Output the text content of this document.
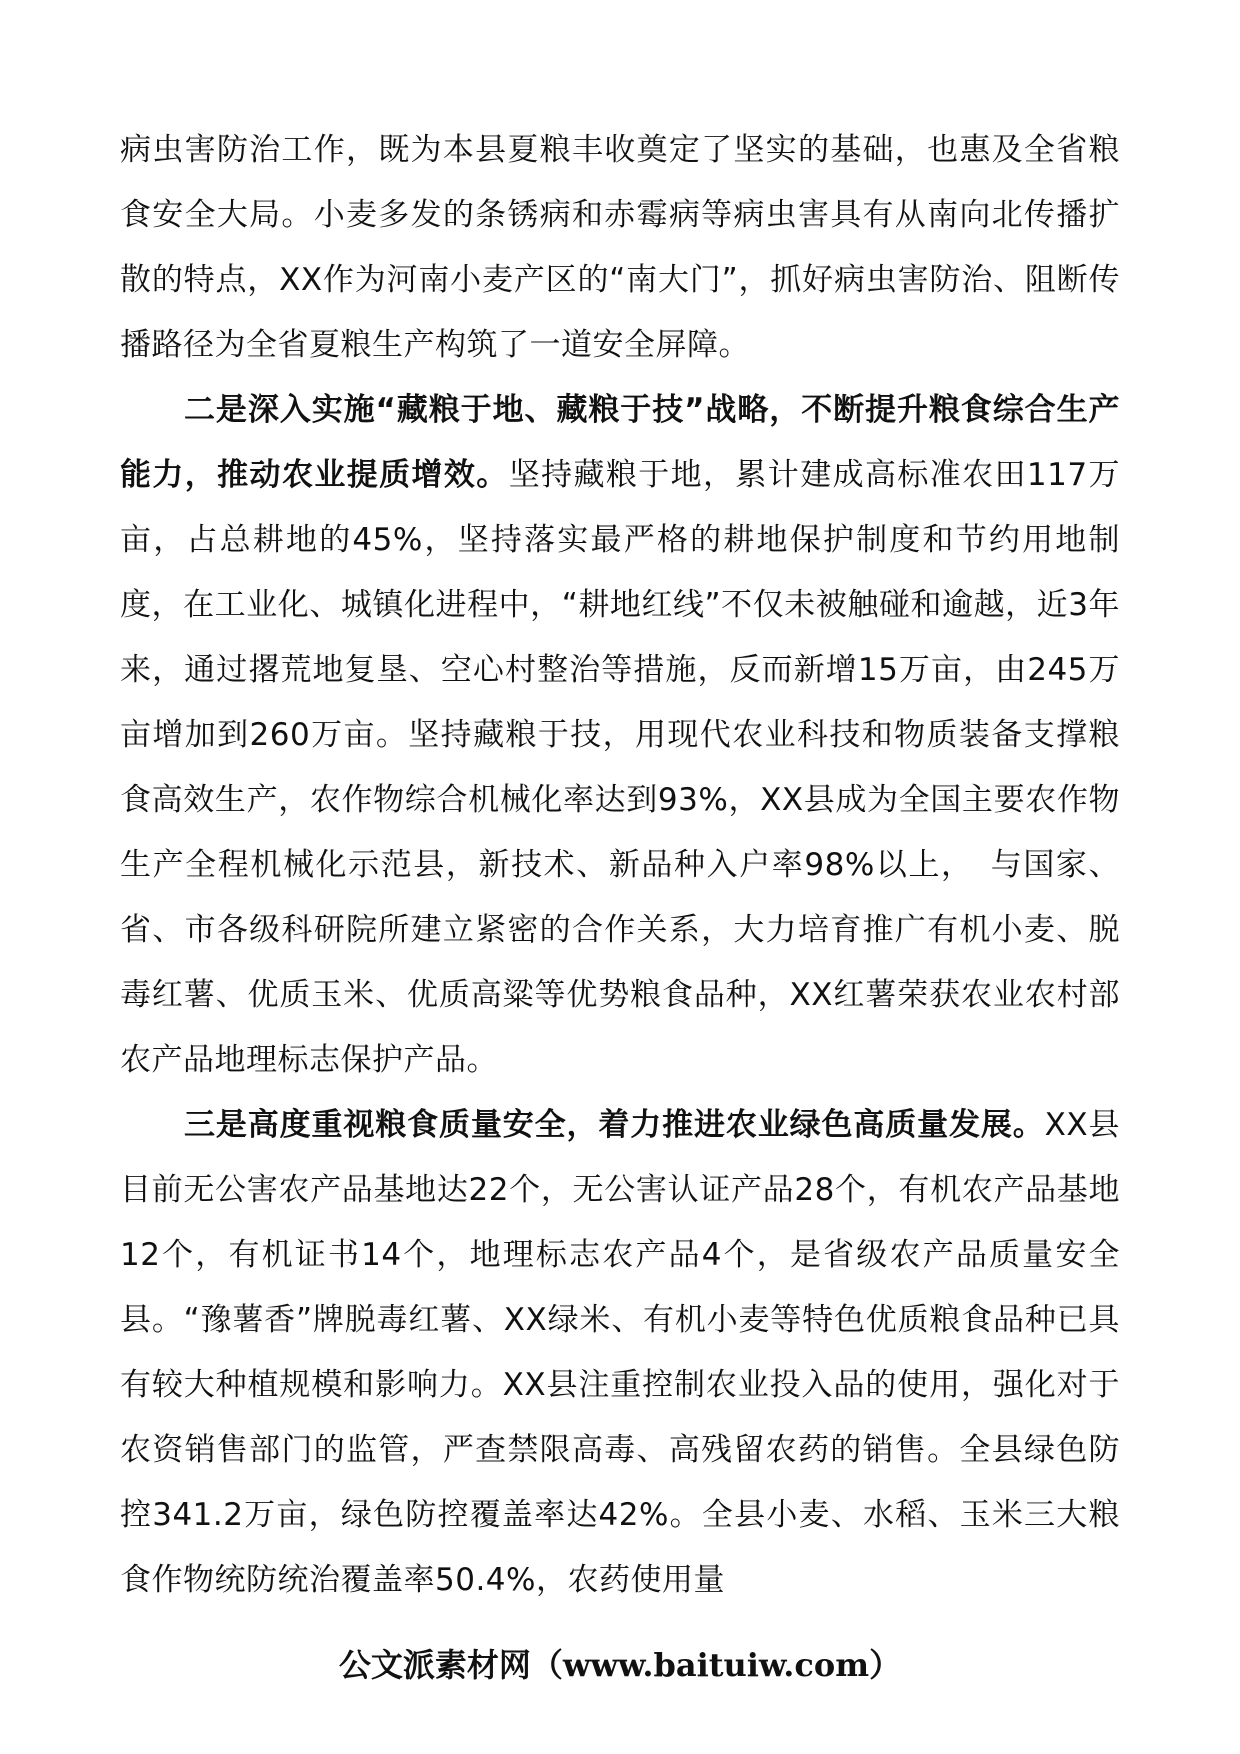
病虫害防治工作，既为本县夏粮丰收奠定了坚实的基础，也惠及全省粮食安全大局。小麦多发的条锈病和赤霉病等病虫害具有从南向北传播扩散的特点，XX作为河南小麦产区的“南大门”，抓好病虫害防治、阻断传播路径为全省夏粮生产构筑了一道安全屏障。

二是深入实施“藏粮于地、藏粮于技”战略，不断提升粮食综合生产能力，推动农业提质增效。坚持藏粮于地，累计建成高标准农田117万亩，占总耕地的45%，坚持落实最严格的耕地保护制度和节约用地制度，在工业化、城镇化进程中，“耕地红线”不仅未被触碰和逾越，近3年来，通过撂荒地复垦、空心村整治等措施，反而新增15万亩，由245万亩增加到260万亩。坚持藏粮于技，用现代农业科技和物质装备支撑粮食高效生产，农作物综合机械化率达到93%，XX县成为全国主要农作物生产全程机械化示范县，新技术、新品种入户率98%以上，　与国家、省、市各级科研院所建立紧密的合作关系，大力培育推广有机小麦、脱毒红薯、优质玉米、优质高粱等优势粮食品种，XX红薯荣获农业农村部农产品地理标志保护产品。

三是高度重视粮食质量安全，着力推进农业绿色高质量发展。XX县目前无公害农产品基地达22个，无公害认证产品28个，有机农产品基地12个，有机证书14个，地理标志农产品4个，是省级农产品质量安全县。“豫薯香”牌脱毒红薯、XX绿米、有机小麦等特色优质粮食品种已具有较大种植规模和影响力。XX县注重控制农业投入品的使用，强化对于农资销售部门的监管，严查禁限高毒、高残留农药的销售。全县绿色防控341.2万亩，绿色防控覆盖率达42%。全县小麦、水稻、玉米三大粮食作物统防统治覆盖率50.4%，农药使用量

公文派素材网（www.baituiw.com）
